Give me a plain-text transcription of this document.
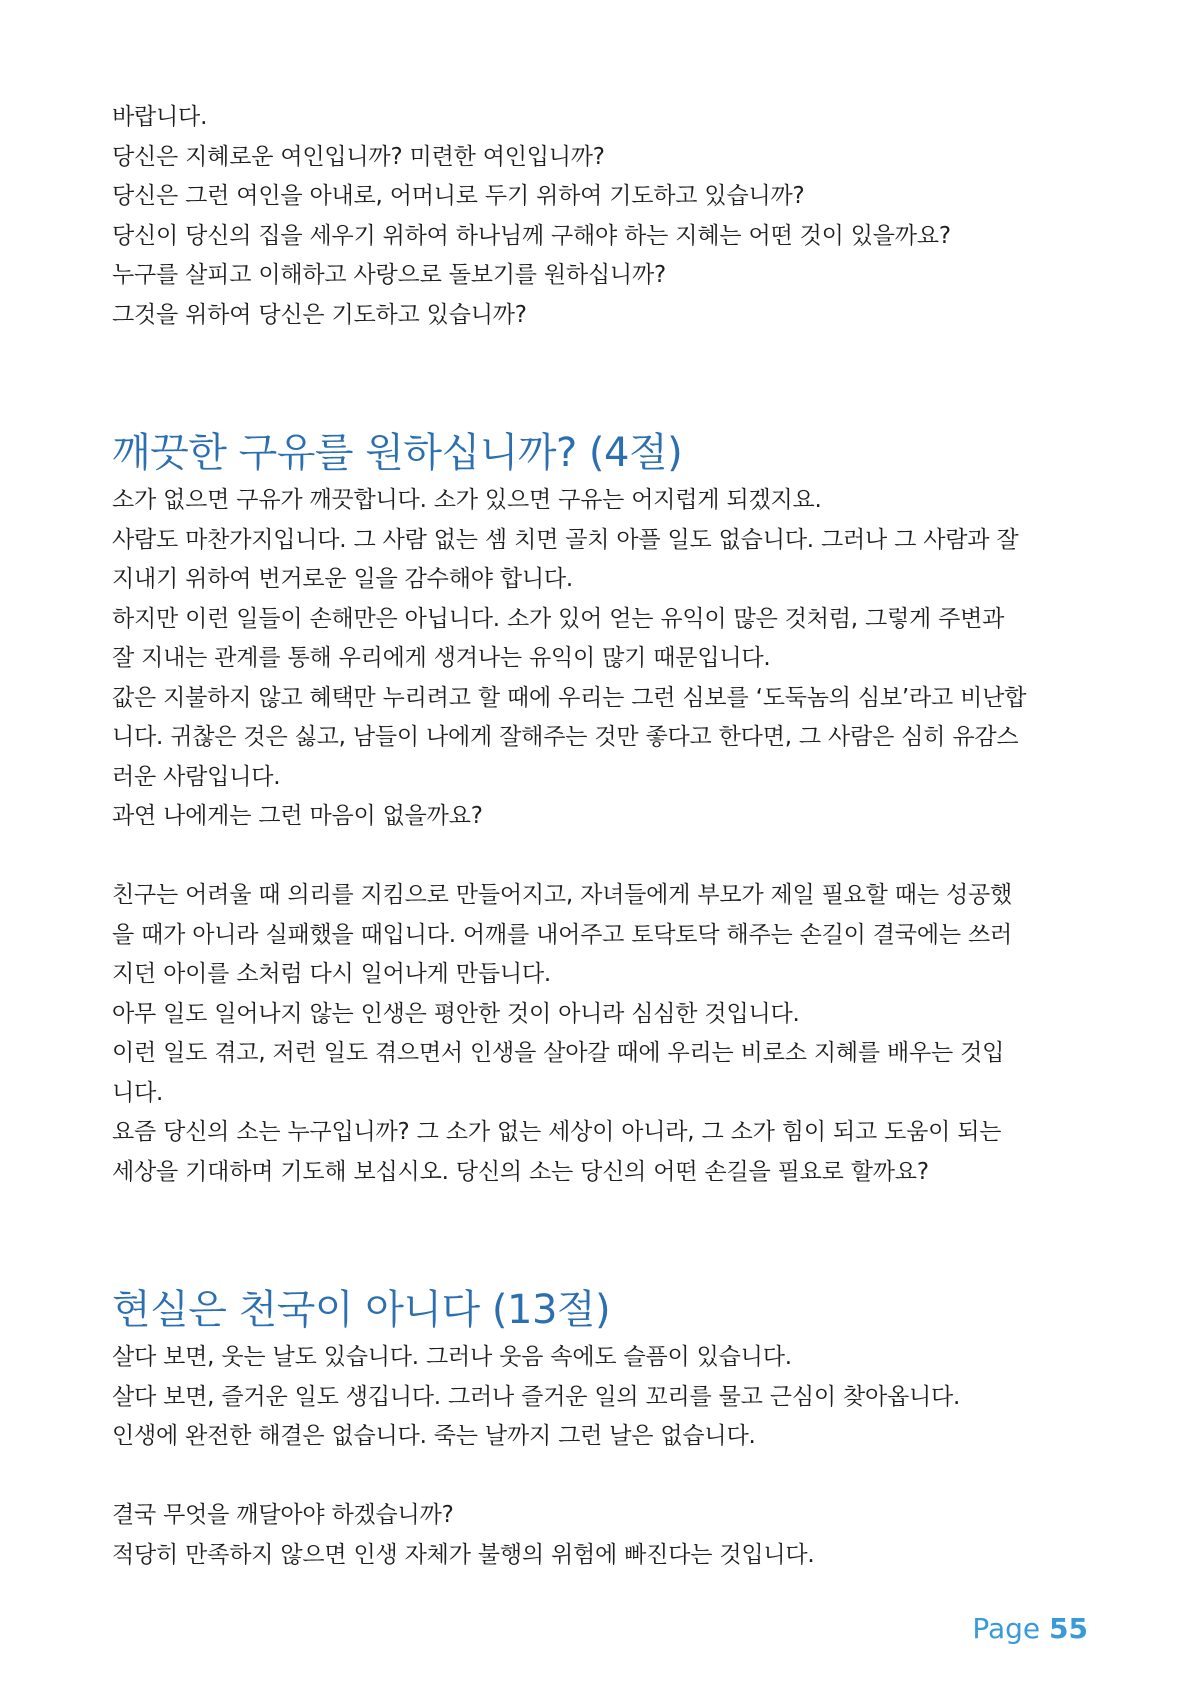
바랍니다.
당신은 지혜로운 여인입니까? 미련한 여인입니까?
당신은 그런 여인을 아내로, 어머니로 두기 위하여 기도하고 있습니까?
당신이 당신의 집을 세우기 위하여 하나님께 구해야 하는 지혜는 어떤 것이 있을까요?
누구를 살피고 이해하고 사랑으로 돌보기를 원하십니까?
그것을 위하여 당신은 기도하고 있습니까?
깨끗한 구유를 원하십니까? (4절)
소가 없으면 구유가 깨끗합니다. 소가 있으면 구유는 어지럽게 되겠지요.
사람도 마찬가지입니다. 그 사람 없는 셈 치면 골치 아플 일도 없습니다. 그러나 그 사람과 잘
지내기 위하여 번거로운 일을 감수해야 합니다.
하지만 이런 일들이 손해만은 아닙니다. 소가 있어 얻는 유익이 많은 것처럼, 그렇게 주변과
잘 지내는 관계를 통해 우리에게 생겨나는 유익이 많기 때문입니다.
값은 지불하지 않고 혜택만 누리려고 할 때에 우리는 그런 심보를 ‘도둑놈의 심보’라고 비난합
니다. 귀찮은 것은 싫고, 남들이 나에게 잘해주는 것만 좋다고 한다면, 그 사람은 심히 유감스
러운 사람입니다.
과연 나에게는 그런 마음이 없을까요?
친구는 어려울 때 의리를 지킴으로 만들어지고, 자녀들에게 부모가 제일 필요할 때는 성공했
을 때가 아니라 실패했을 때입니다. 어깨를 내어주고 토닥토닥 해주는 손길이 결국에는 쓰러
지던 아이를 소처럼 다시 일어나게 만듭니다.
아무 일도 일어나지 않는 인생은 평안한 것이 아니라 심심한 것입니다.
이런 일도 겪고, 저런 일도 겪으면서 인생을 살아갈 때에 우리는 비로소 지혜를 배우는 것입
니다.
요즘 당신의 소는 누구입니까? 그 소가 없는 세상이 아니라, 그 소가 힘이 되고 도움이 되는
세상을 기대하며 기도해 보십시오. 당신의 소는 당신의 어떤 손길을 필요로 할까요?
현실은 천국이 아니다 (13절)
살다 보면, 웃는 날도 있습니다. 그러나 웃음 속에도 슬픔이 있습니다.
살다 보면, 즐거운 일도 생깁니다. 그러나 즐거운 일의 꼬리를 물고 근심이 찾아옵니다.
인생에 완전한 해결은 없습니다. 죽는 날까지 그런 날은 없습니다.
결국 무엇을 깨달아야 하겠습니까?
적당히 만족하지 않으면 인생 자체가 불행의 위험에 빠진다는 것입니다.
Page 55
